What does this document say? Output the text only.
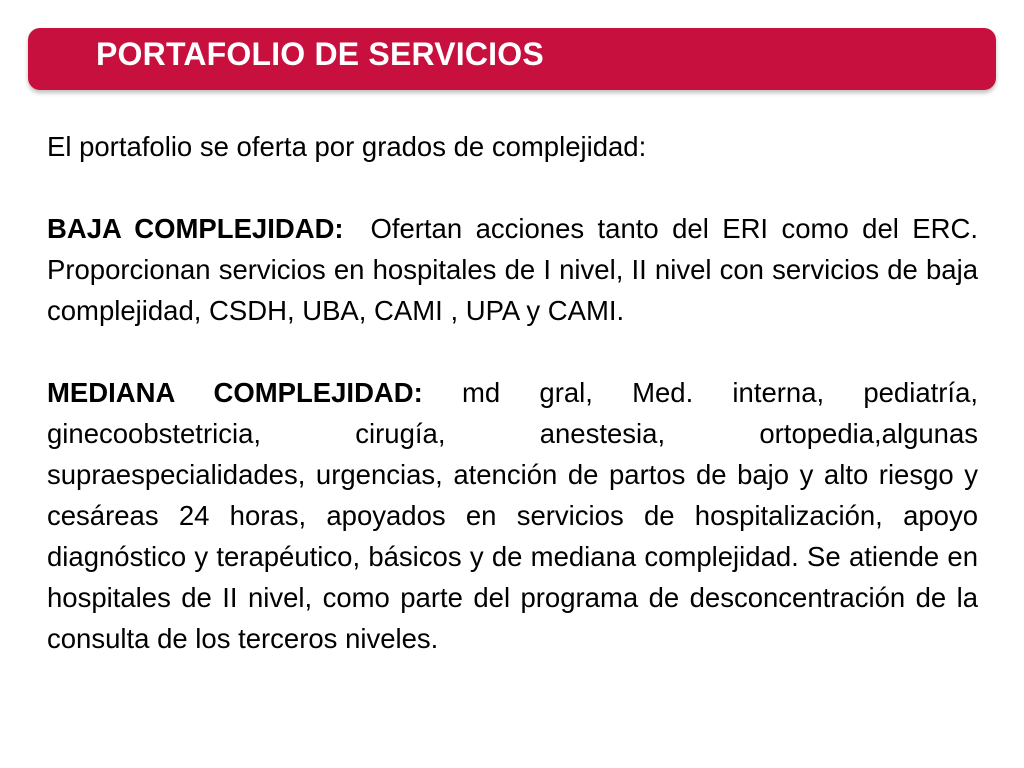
PORTAFOLIO DE SERVICIOS

El portafolio se oferta por grados de complejidad:

BAJA COMPLEJIDAD: Ofertan acciones tanto del ERI como del ERC. Proporcionan servicios en hospitales de I nivel, II nivel con servicios de baja complejidad, CSDH, UBA, CAMI , UPA y CAMI.

MEDIANA COMPLEJIDAD: md gral, Med. interna, pediatría, ginecoobstetricia, cirugía, anestesia, ortopedia,algunas supraespecialidades, urgencias, atención de partos de bajo y alto riesgo y cesáreas 24 horas, apoyados en servicios de hospitalización, apoyo diagnóstico y terapéutico, básicos y de mediana complejidad. Se atiende en hospitales de II nivel, como parte del programa de desconcentración de la consulta de los terceros niveles.
